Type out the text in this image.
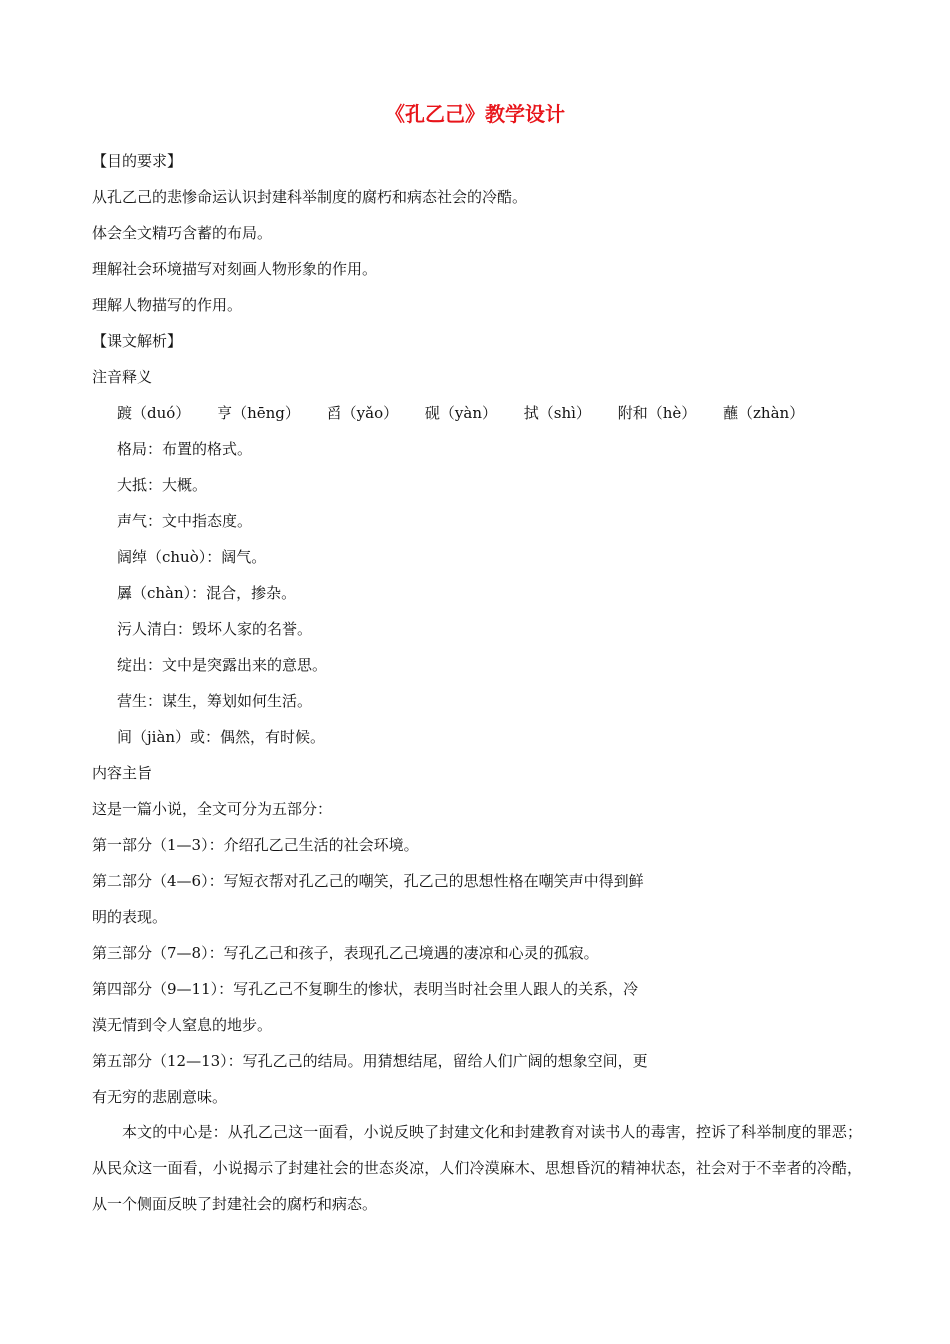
《孔乙己》教学设计
【目的要求】
从孔乙己的悲惨命运认识封建科举制度的腐朽和病态社会的冷酷。
体会全文精巧含蓄的布局。
理解社会环境描写对刻画人物形象的作用。
理解人物描写的作用。
【课文解析】
注音释义
踱（duó） 亨（hēng） 舀（yǎo） 砚（yàn） 拭（shì） 附和（hè） 蘸（zhàn）
格局：布置的格式。
大抵：大概。
声气：文中指态度。
阔绰（chuò）：阔气。
羼（chàn）：混合，掺杂。
污人清白：毁坏人家的名誉。
绽出：文中是突露出来的意思。
营生：谋生，筹划如何生活。
间（jiàn）或：偶然，有时候。
内容主旨
这是一篇小说，全文可分为五部分：
第一部分（1—3）：介绍孔乙己生活的社会环境。
第二部分（4—6）：写短衣帮对孔乙己的嘲笑，孔乙己的思想性格在嘲笑声中得到鲜
明的表现。
第三部分（7—8）：写孔乙己和孩子，表现孔乙己境遇的凄凉和心灵的孤寂。
第四部分（9—11）：写孔乙己不复聊生的惨状，表明当时社会里人跟人的关系，冷
漠无情到令人窒息的地步。
第五部分（12—13）：写孔乙己的结局。用猜想结尾，留给人们广阔的想象空间，更
有无穷的悲剧意味。
本文的中心是：从孔乙己这一面看，小说反映了封建文化和封建教育对读书人的毒害，控诉了科举制度的罪恶；从民众这一面看，小说揭示了封建社会的世态炎凉，人们冷漠麻木、思想昏沉的精神状态，社会对于不幸者的冷酷，从一个侧面反映了封建社会的腐朽和病态。
